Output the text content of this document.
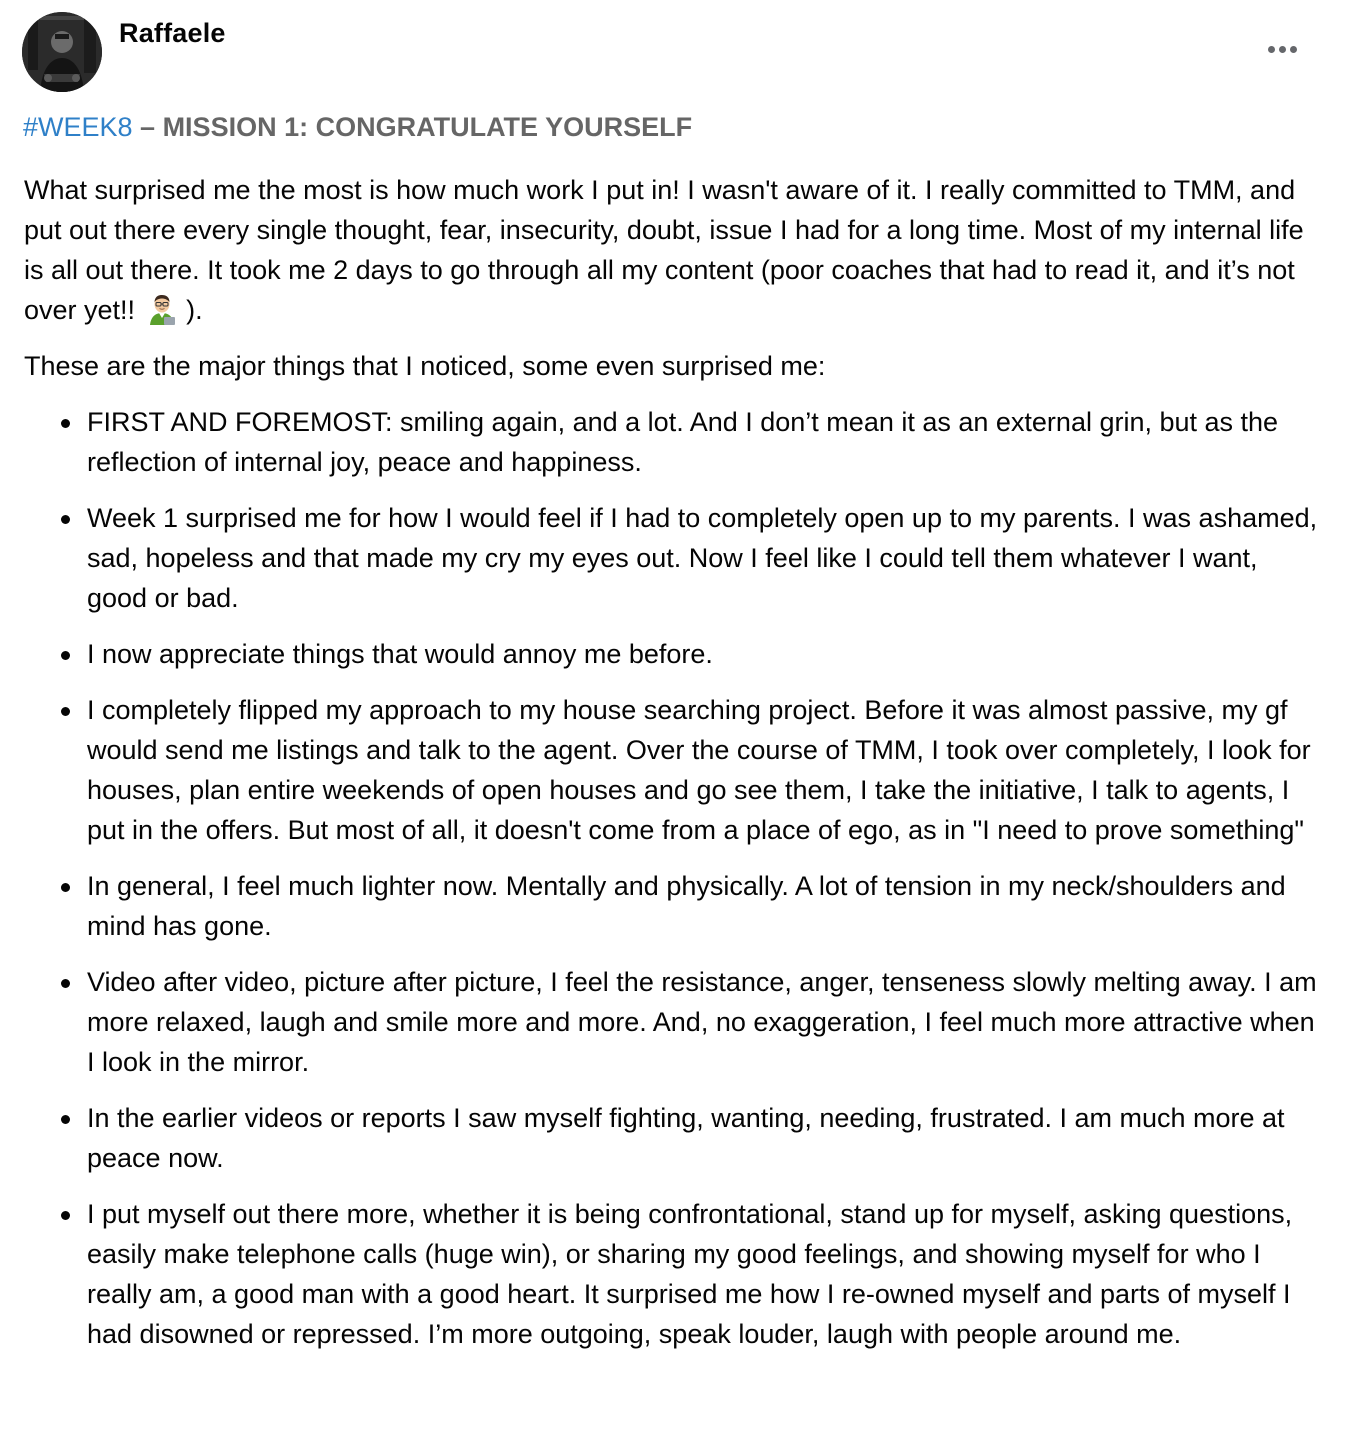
Raffaele
#WEEK8 – MISSION 1: CONGRATULATE YOURSELF

What surprised me the most is how much work I put in! I wasn't aware of it. I really committed to TMM, and put out there every single thought, fear, insecurity, doubt, issue I had for a long time. Most of my internal life is all out there. It took me 2 days to go through all my content (poor coaches that had to read it, and it’s not over yet!! ).

These are the major things that I noticed, some even surprised me:

FIRST AND FOREMOST: smiling again, and a lot. And I don’t mean it as an external grin, but as the reflection of internal joy, peace and happiness.
Week 1 surprised me for how I would feel if I had to completely open up to my parents. I was ashamed, sad, hopeless and that made my cry my eyes out. Now I feel like I could tell them whatever I want, good or bad.
I now appreciate things that would annoy me before.
I completely flipped my approach to my house searching project. Before it was almost passive, my gf would send me listings and talk to the agent. Over the course of TMM, I took over completely, I look for houses, plan entire weekends of open houses and go see them, I take the initiative, I talk to agents, I put in the offers. But most of all, it doesn't come from a place of ego, as in "I need to prove something"
In general, I feel much lighter now. Mentally and physically. A lot of tension in my neck/shoulders and mind has gone.
Video after video, picture after picture, I feel the resistance, anger, tenseness slowly melting away. I am more relaxed, laugh and smile more and more. And, no exaggeration, I feel much more attractive when I look in the mirror.
In the earlier videos or reports I saw myself fighting, wanting, needing, frustrated. I am much more at peace now.
I put myself out there more, whether it is being confrontational, stand up for myself, asking questions, easily make telephone calls (huge win), or sharing my good feelings, and showing myself for who I really am, a good man with a good heart. It surprised me how I re-owned myself and parts of myself I had disowned or repressed. I’m more outgoing, speak louder, laugh with people around me.
